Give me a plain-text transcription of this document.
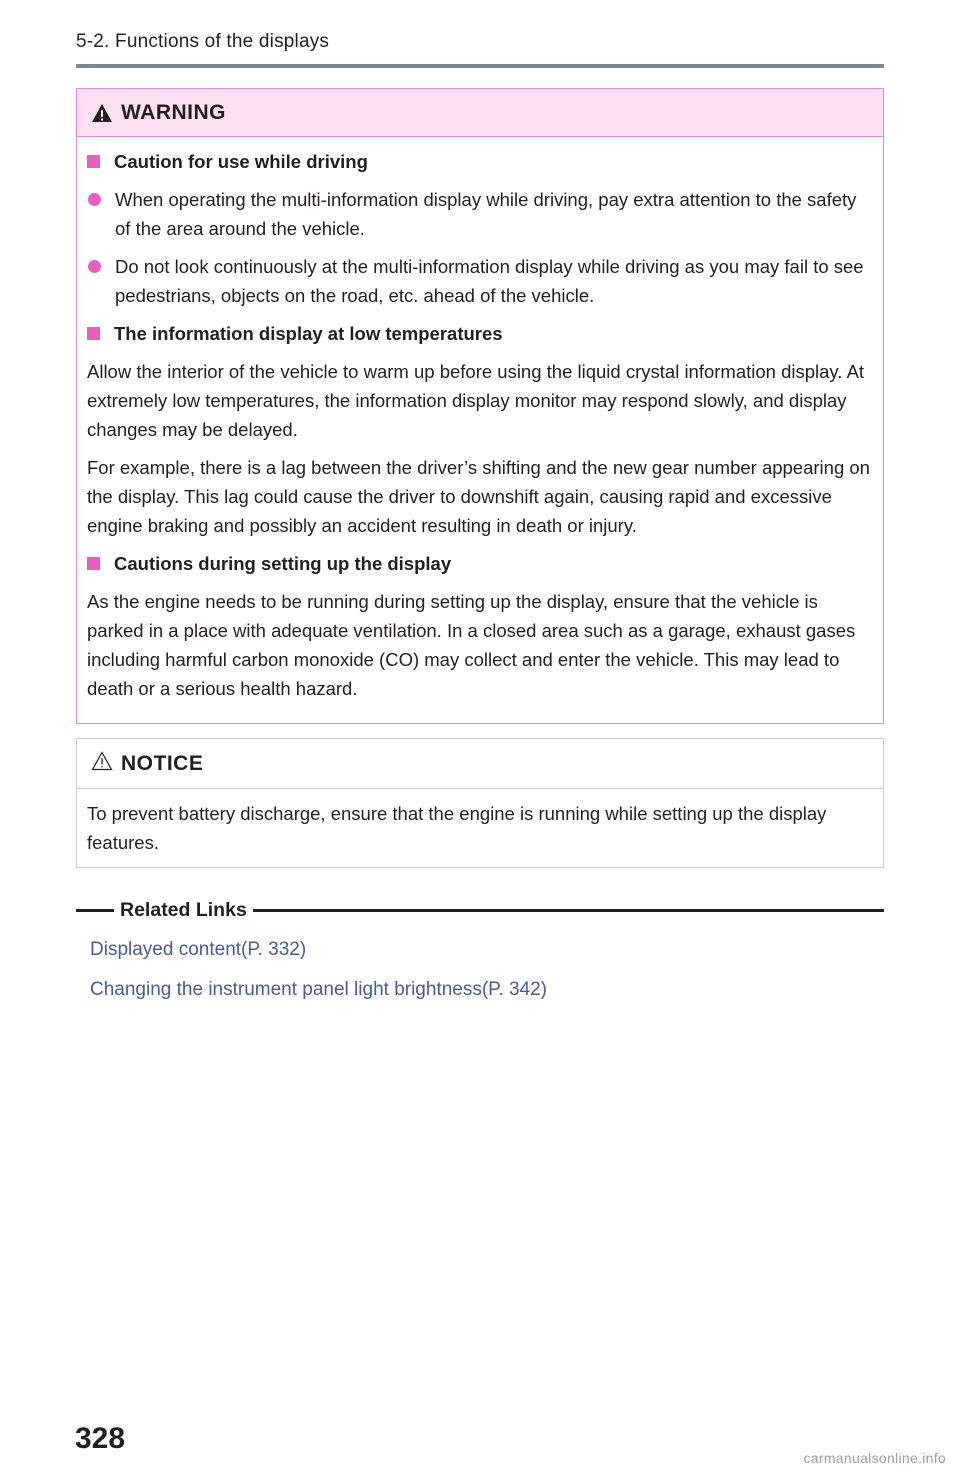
5-2. Functions of the displays
WARNING
Caution for use while driving
When operating the multi-information display while driving, pay extra attention to the safety of the area around the vehicle.
Do not look continuously at the multi-information display while driving as you may fail to see pedestrians, objects on the road, etc. ahead of the vehicle.
The information display at low temperatures

Allow the interior of the vehicle to warm up before using the liquid crystal information display. At extremely low temperatures, the information display monitor may respond slowly, and display changes may be delayed.

For example, there is a lag between the driver’s shifting and the new gear number appearing on the display. This lag could cause the driver to downshift again, causing rapid and excessive engine braking and possibly an accident resulting in death or injury.

Cautions during setting up the display

As the engine needs to be running during setting up the display, ensure that the vehicle is parked in a place with adequate ventilation. In a closed area such as a garage, exhaust gases including harmful carbon monoxide (CO) may collect and enter the vehicle. This may lead to death or a serious health hazard.

NOTICE
To prevent battery discharge, ensure that the engine is running while setting up the display features.
Related Links
Displayed content(P. 332)
Changing the instrument panel light brightness(P. 342)
328
carmanualsonline.info
